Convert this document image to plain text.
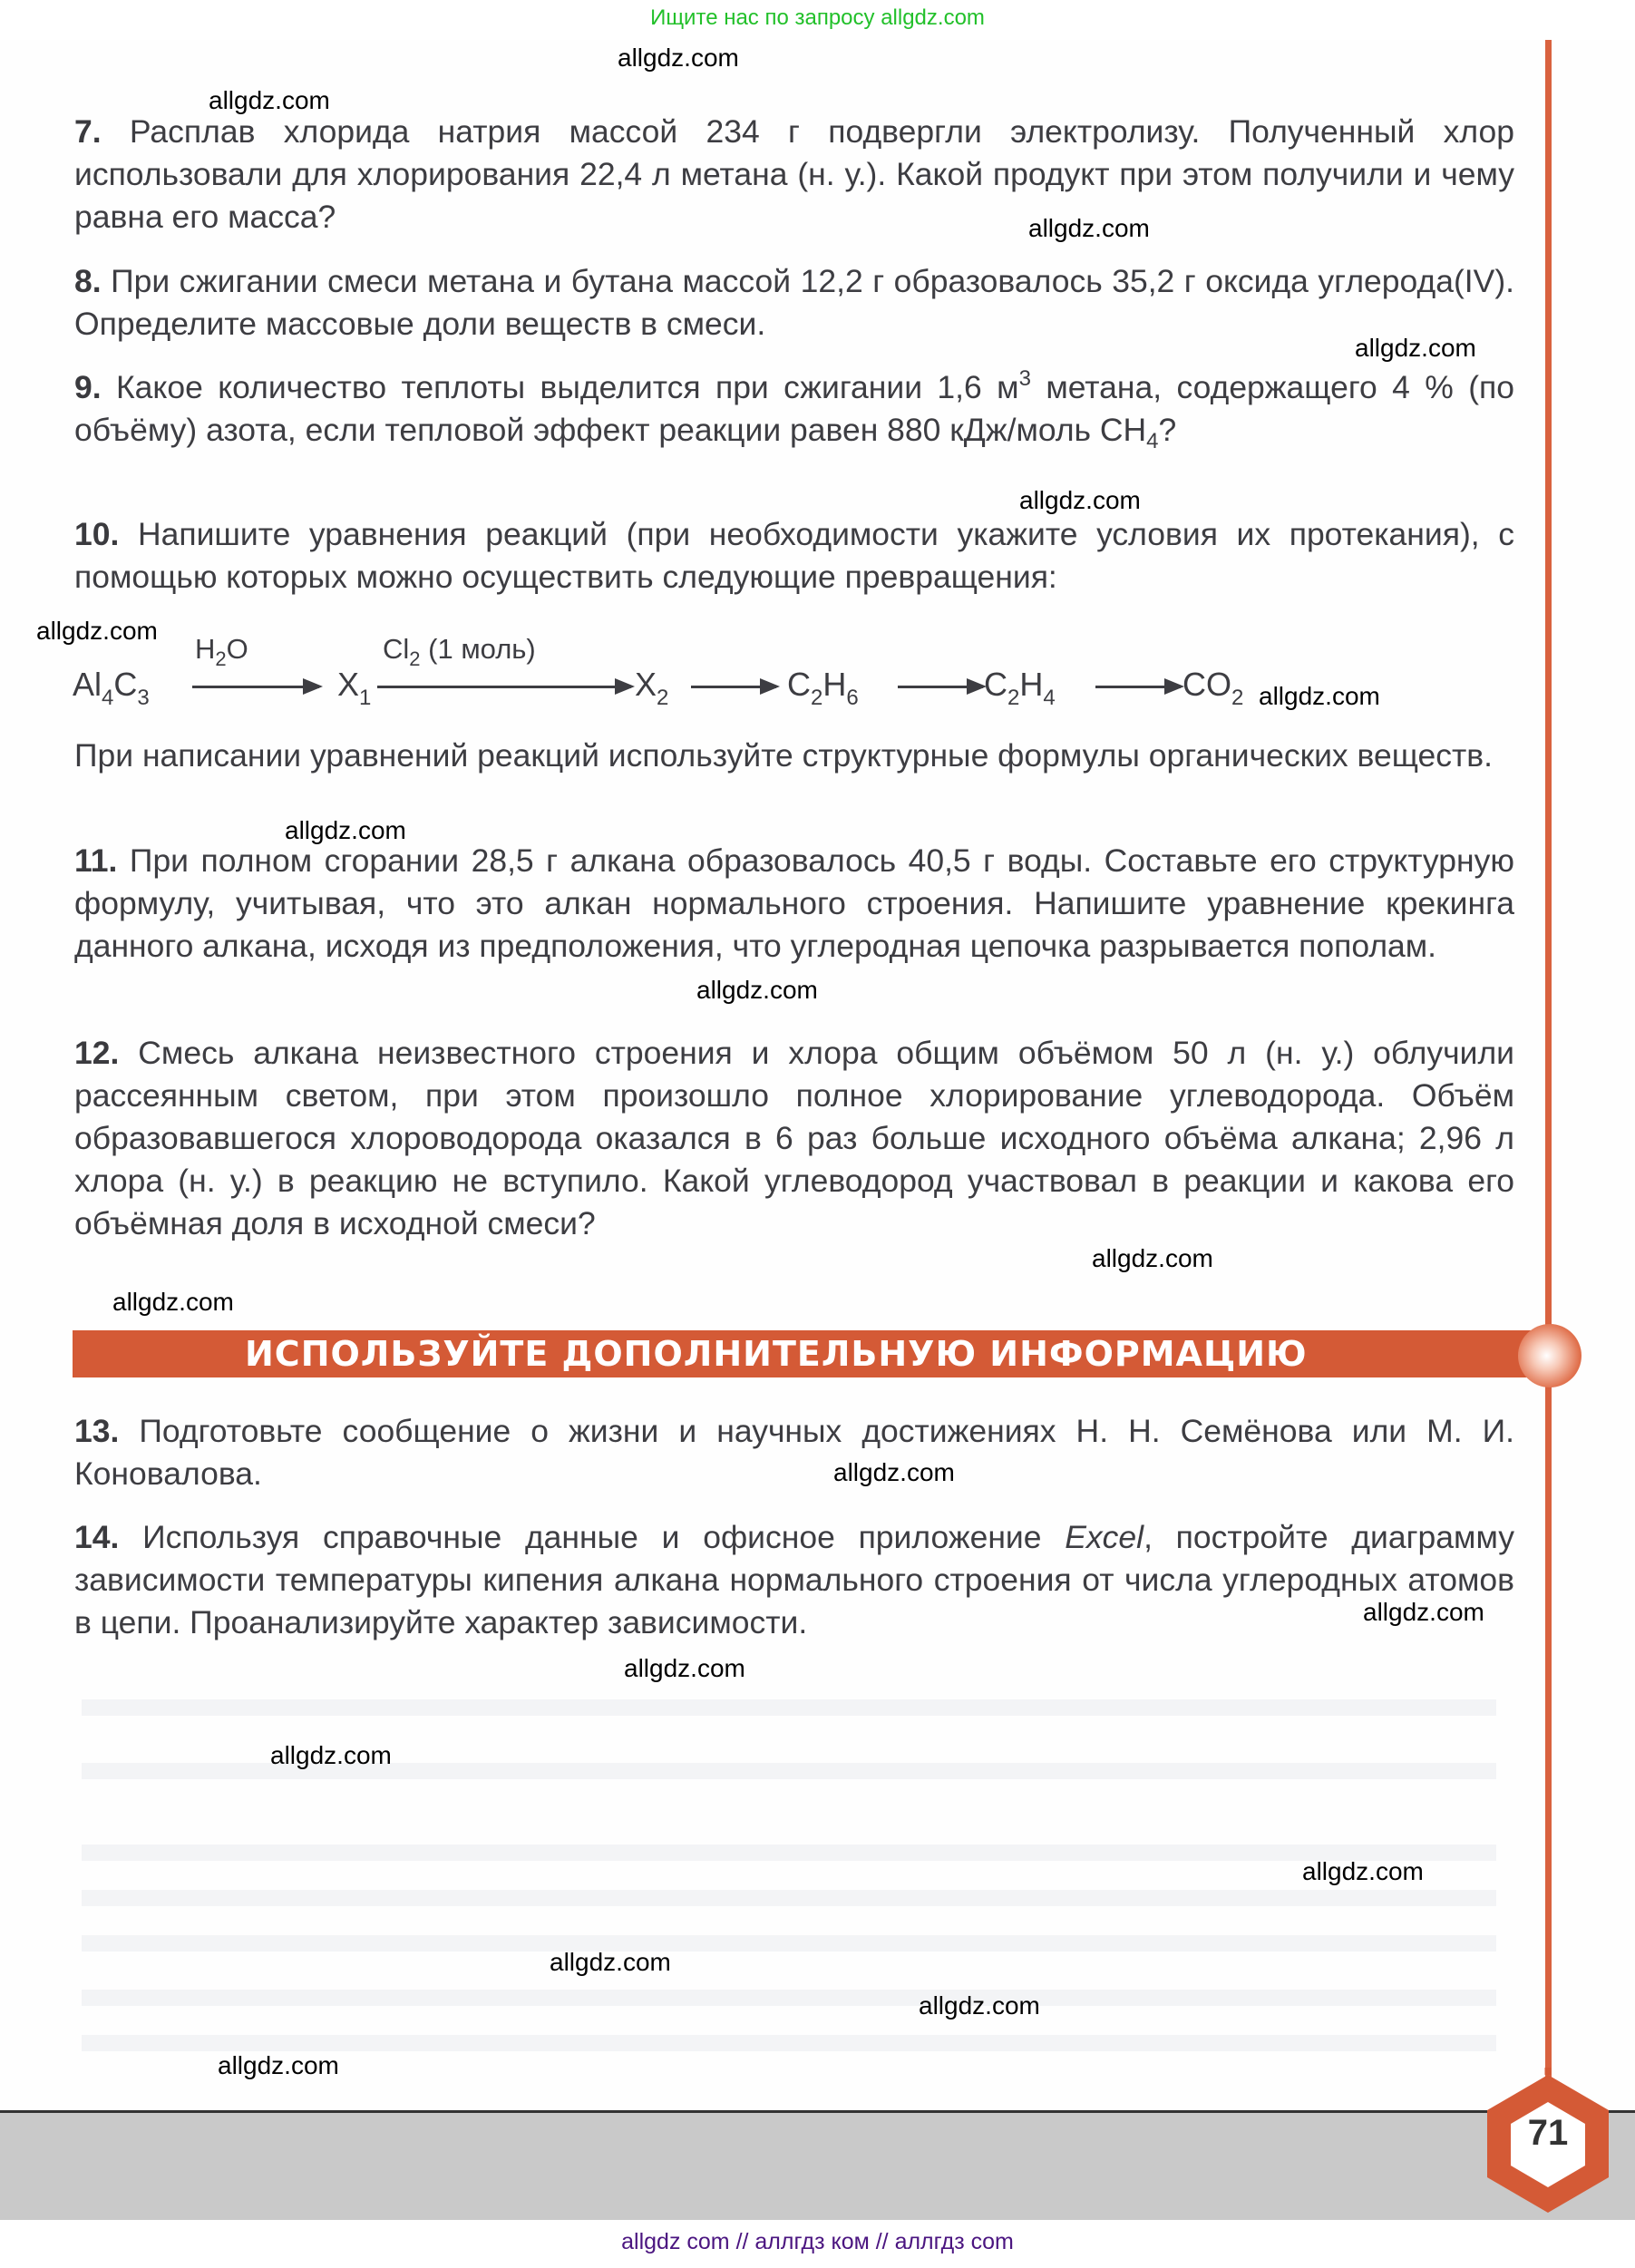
Ищите нас по запросу allgdz.com
7. Расплав хлорида натрия массой 234 г подвергли электролизу. Полученный хлор использовали для хлорирования 22,4 л метана (н. у.). Какой продукт при этом получили и чему равна его масса?
8. При сжигании смеси метана и бутана массой 12,2 г образовалось 35,2 г оксида углерода(IV). Определите массовые доли веществ в смеси.
9. Какое количество теплоты выделится при сжигании 1,6 $м^3$ метана, содержащего 4 % (по объёму) азота, если тепловой эффект реакции равен 880 кДж/моль $CH_4$?
10. Напишите уравнения реакций (при необходимости укажите условия их протекания), с помощью которых можно осуществить следующие превращения:
$Al_4C_3$
$H_2O$
$X_1$
$Cl_2$ (1 моль)
$X_2$	$C_2H_6$	$C_2H_4$	$CO_2$
При написании уравнений реакций используйте структурные формулы органических веществ.
11. При полном сгорании 28,5 г алкана образовалось 40,5 г воды. Составьте его структурную формулу, учитывая, что это алкан нормального строения. Напишите уравнение крекинга данного алкана, исходя из предположения, что углеродная цепочка разрывается пополам.
12. Смесь алкана неизвестного строения и хлора общим объёмом 50 л (н. у.) облучили рассеянным светом, при этом произошло полное хлорирование углеводорода. Объём образовавшегося хлороводорода оказался в 6 раз больше исходного объёма алкана; 2,96 л хлора (н. у.) в реакцию не вступило. Какой углеводород участвовал в реакции и какова его объёмная доля в исходной смеси?
ИСПОЛЬЗУЙТЕ ДОПОЛНИТЕЛЬНУЮ ИНФОРМАЦИЮ
13. Подготовьте сообщение о жизни и научных достижениях Н. Н. Семёнова или М. И. Коновалова.
14. Используя справочные данные и офисное приложение Excel, постройте диаграмму зависимости температуры кипения алкана нормального строения от числа углеродных атомов в цепи. Проанализируйте характер зависимости.
allgdz.com
allgdz.com
allgdz.com
allgdz.com
allgdz.com
allgdz.com
allgdz.com
allgdz.com
allgdz.com
allgdz.com
allgdz.com
allgdz.com
allgdz.com
allgdz.com
allgdz.com
allgdz.com
allgdz.com
allgdz.com
allgdz.com
71
allgdz com // аллгдз ком // аллгдз com
